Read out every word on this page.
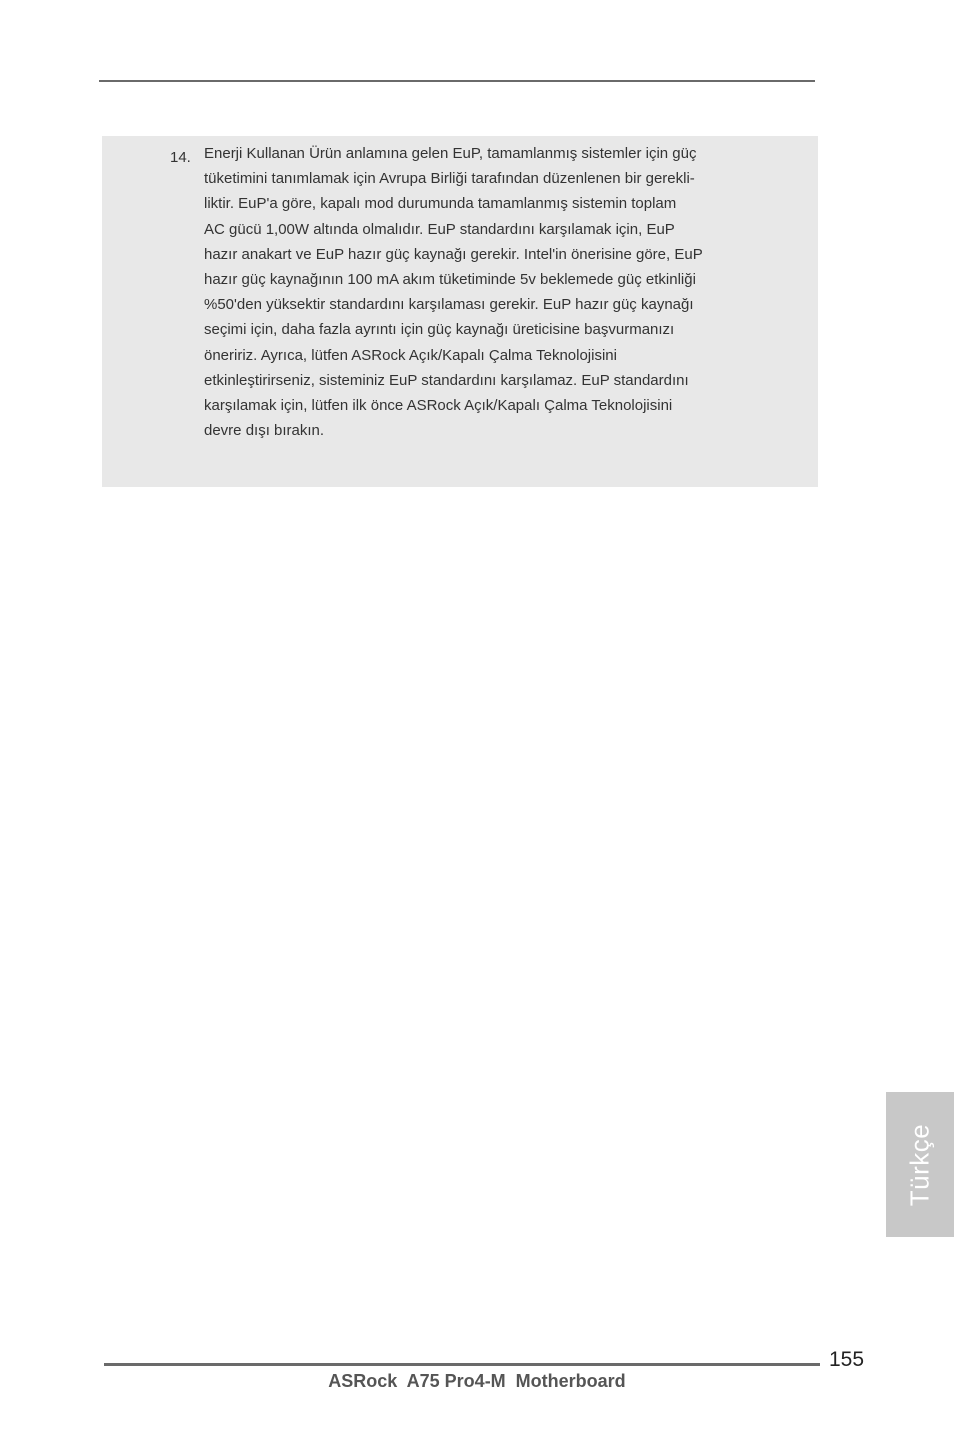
14. Enerji Kullanan Ürün anlamına gelen EuP, tamamlanmış sistemler için güç
tüketimini tanımlamak için Avrupa Birliği tarafından düzenlenen bir gerekli-
liktir. EuP'a göre, kapalı mod durumunda tamamlanmış sistemin toplam
AC gücü 1,00W altında olmalıdır. EuP standardını karşılamak için, EuP
hazır anakart ve EuP hazır güç kaynağı gerekir. Intel'in önerisine göre, EuP
hazır güç kaynağının 100 mA akım tüketiminde 5v beklemede güç etkinliği
%50'den yüksektir standardını karşılaması gerekir. EuP hazır güç kaynağı
seçimi için, daha fazla ayrıntı için güç kaynağı üreticisine başvurmanızı
öneririz. Ayrıca, lütfen ASRock Açık/Kapalı Çalma Teknolojisini
etkinleştirirseniz, sisteminiz EuP standardını karşılamaz. EuP standardını
karşılamak için, lütfen ilk önce ASRock Açık/Kapalı Çalma Teknolojisini
devre dışı bırakın.
Türkçe
155
ASRock  A75 Pro4-M  Motherboard
